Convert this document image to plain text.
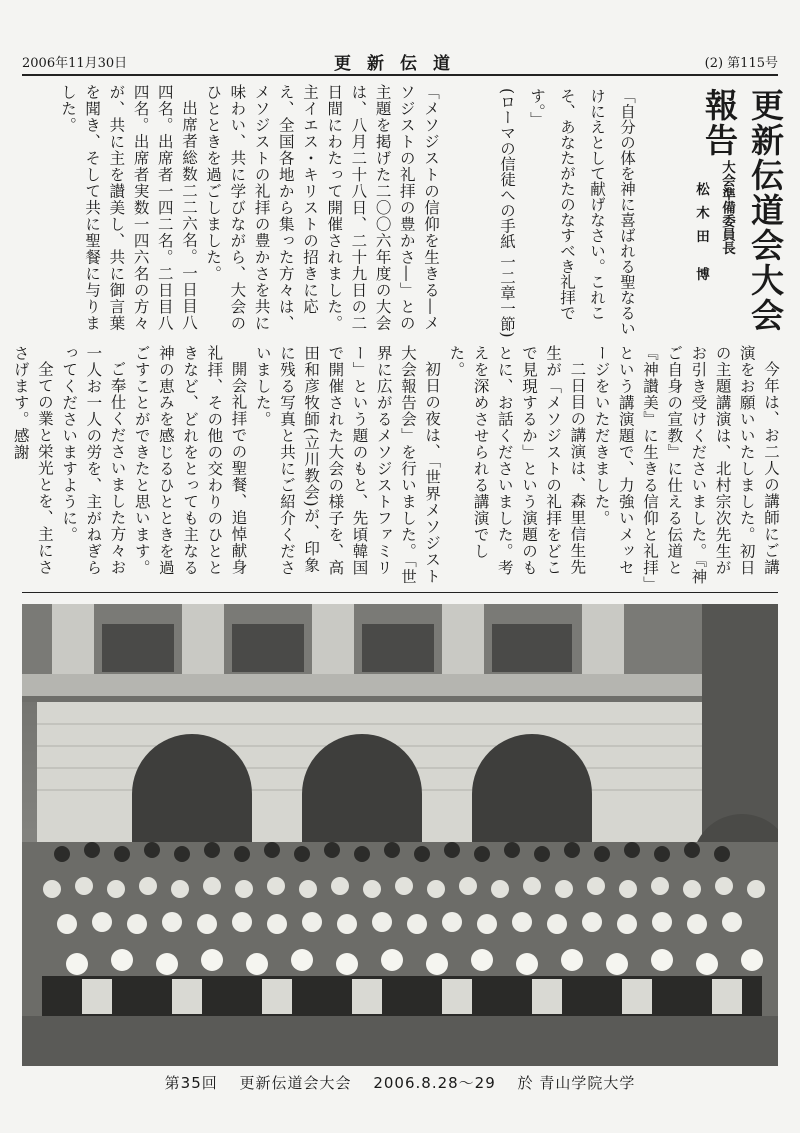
2006年11月30日	更新伝道	(2) 第115号
更新伝道会大会報告
大会準備委員長
松木田 博
「自分の体を神に喜ばれる聖なるいけにえとして献げなさい。これこそ、あなたがたのなすべき礼拝です。」
(ローマの信徒への手紙 一二章一節)
「メソジストの信仰を生きる―メソジストの礼拝の豊かさ―」との主題を掲げた二〇〇六年度の大会は、八月二十八日、二十九日の二日間にわたって開催されました。主イエス・キリストの招きに応え、全国各地から集った方々は、メソジストの礼拝の豊かさを共に味わい、共に学びながら、大会のひとときを過ごしました。
出席者総数二二六名。一日目八四名。出席者一四二名。二日目八四名。出席者実数一四六名の方々が、共に主を讃美し、共に御言葉を聞き、そして共に聖餐に与りました。
今年は、お二人の講師にご講演をお願いいたしました。初日の主題講演は、北村宗次先生がお引き受けくださいました。『神ご自身の宣教』に仕える伝道と『神讃美』に生きる信仰と礼拝」という講演題で、力強いメッセージをいただきました。
二日目の講演は、森里信生先生が「メソジストの礼拝をどこで見現するか」という演題のもとに、お話くださいました。考えを深めさせられる講演でした。
初日の夜は、「世界メソジスト大会報告会」を行いました。「世界に広がるメソジストファミリー」という題のもと、先頃韓国で開催された大会の様子を、高田和彦牧師(立川教会)が、印象に残る写真と共にご紹介くださいました。
開会礼拝での聖餐、追悼献身礼拝、その他の交わりのひとときなど、どれをとっても主なる神の恵みを感じるひとときを過ごすことができたと思います。
ご奉仕くださいました方々お一人お一人の労を、主がねぎらってくださいますように。
全ての業と栄光とを、主にささげます。感謝
第35回 更新伝道会大会 2006.8.28～29 於 青山学院大学
